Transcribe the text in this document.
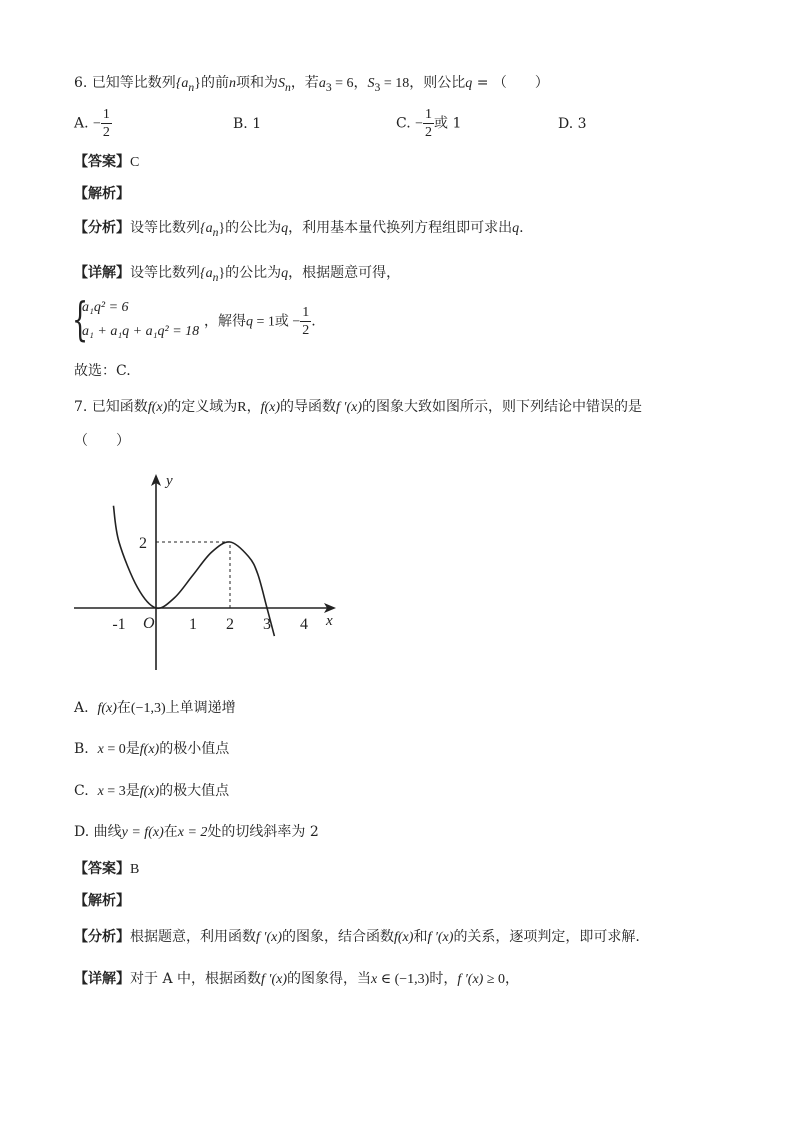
6. 已知等比数列$\{a_n\}$的前n项和为$S_n$，若$a_3 = 6$，$S_3 = 18$，则公比q = （　　）
A. − $\frac{1}{2}$	B. 1	C. − $\frac{1}{2}$ 或 1	D. 3
【答案】C
【解析】
【分析】设等比数列$\{a_n\}$的公比为q，利用基本量代换列方程组即可求出q.
【详解】设等比数列$\{a_n\}$的公比为q，根据题意可得，
{
a₁q² = 6
a₁ + a₁q + a₁q² = 18
，解得q = 1或 − $\frac{1}{2}$ .
故选：C.
7. 已知函数f(x)的定义域为R，f(x)的导函数f ′(x)的图象大致如图所示，则下列结论中错误的是
（　　）
x
y
O
-1	1 2 3 4
2
A. f(x)在(−1,3)上单调递增
B. x = 0是f(x)的极小值点
C. x = 3是f(x)的极大值点
D. 曲线y = f(x)在x = 2处的切线斜率为 2
【答案】B
【解析】
【分析】根据题意，利用函数f ′(x)的图象，结合函数f(x)和f ′(x)的关系，逐项判定，即可求解.
【详解】对于 A 中，根据函数f ′(x)的图象得，当x ∈ (−1,3)时，f ′(x) ≥ 0，
